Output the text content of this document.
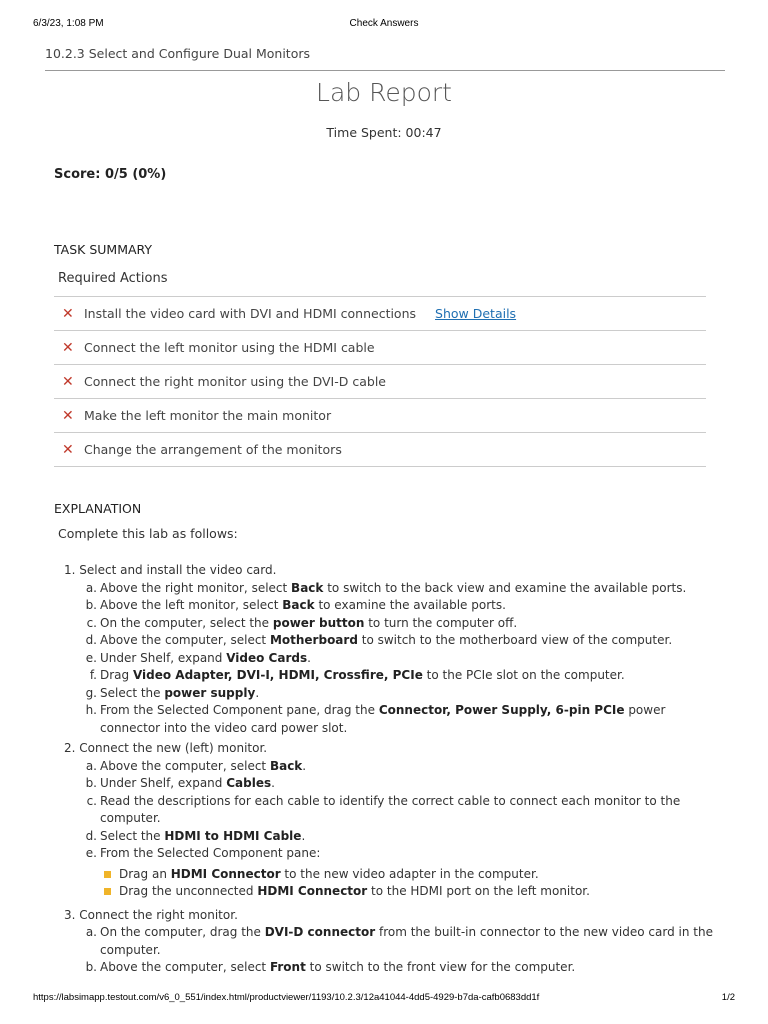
6/3/23, 1:08 PM	Check Answers
10.2.3 Select and Configure Dual Monitors
Lab Report
Time Spent: 00:47
Score: 0/5 (0%)
TASK SUMMARY
Required Actions
✕ Install the video card with DVI and HDMI connections Show Details
✕ Connect the left monitor using the HDMI cable
✕ Connect the right monitor using the DVI-D cable
✕ Make the left monitor the main monitor
✕ Change the arrangement of the monitors
EXPLANATION
Complete this lab as follows:
1. Select and install the video card.
a. Above the right monitor, select Back to switch to the back view and examine the available ports.
b. Above the left monitor, select Back to examine the available ports.
c. On the computer, select the power button to turn the computer off.
d. Above the computer, select Motherboard to switch to the motherboard view of the computer.
e. Under Shelf, expand Video Cards.
f. Drag Video Adapter, DVI-I, HDMI, Crossfire, PCIe to the PCIe slot on the computer.
g. Select the power supply.
h. From the Selected Component pane, drag the Connector, Power Supply, 6-pin PCIe power connector into the video card power slot.
2. Connect the new (left) monitor.
a. Above the computer, select Back.
b. Under Shelf, expand Cables.
c. Read the descriptions for each cable to identify the correct cable to connect each monitor to the computer.
d. Select the HDMI to HDMI Cable.
e. From the Selected Component pane:
Drag an HDMI Connector to the new video adapter in the computer.
Drag the unconnected HDMI Connector to the HDMI port on the left monitor.
3. Connect the right monitor.
a. On the computer, drag the DVI-D connector from the built-in connector to the new video card in the computer.
b. Above the computer, select Front to switch to the front view for the computer.
https://labsimapp.testout.com/v6_0_551/index.html/productviewer/1193/10.2.3/12a41044-4dd5-4929-b7da-cafb0683dd1f	1/2
